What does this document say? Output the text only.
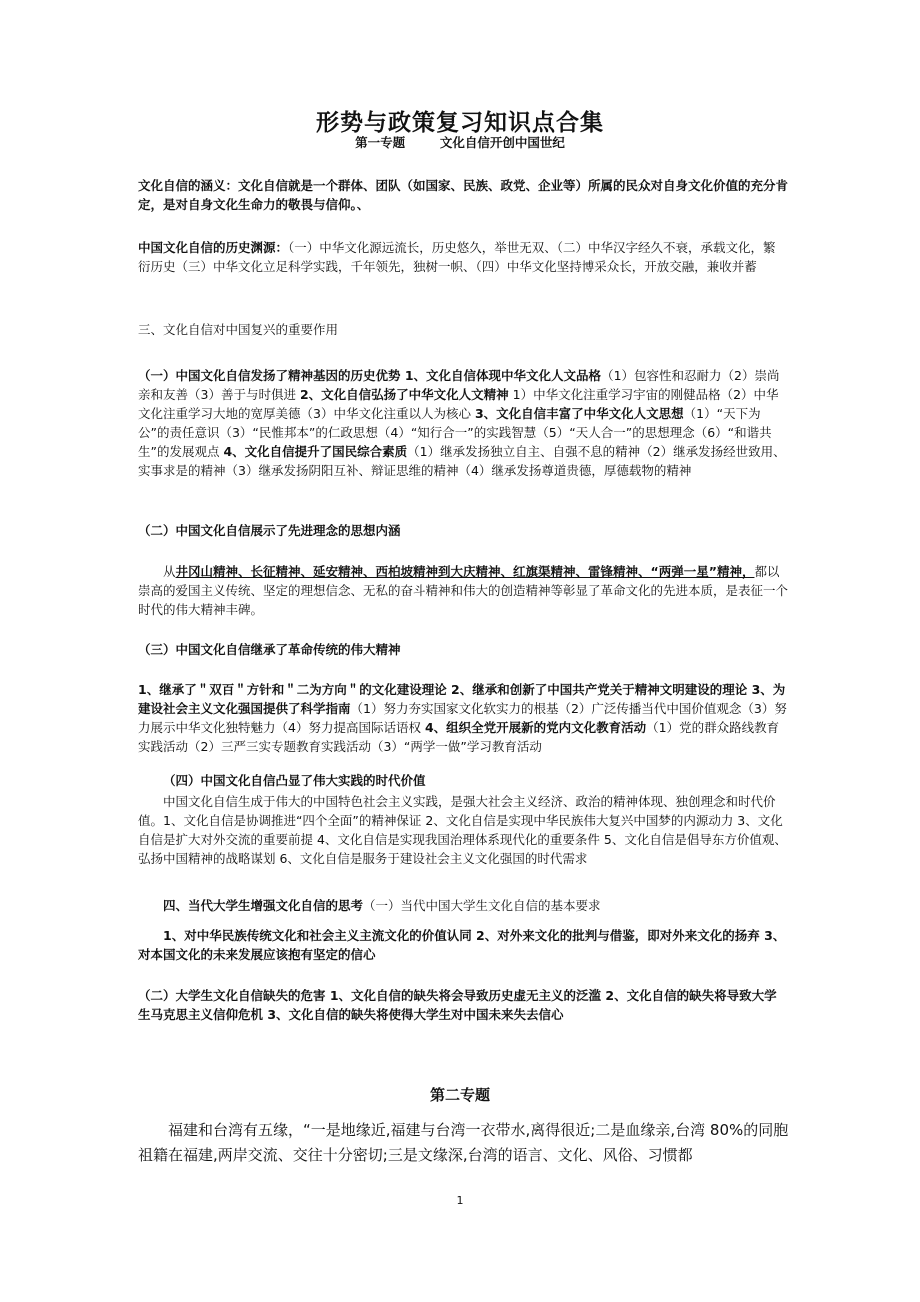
形势与政策复习知识点合集
第一专题        文化自信开创中国世纪
文化自信的涵义：文化自信就是一个群体、团队（如国家、民族、政党、企业等）所属的民众对自身文化价值的充分肯定，是对自身文化生命力的敬畏与信仰。、
中国文化自信的历史渊源：（一）中华文化源远流长，历史悠久，举世无双、（二）中华汉字经久不衰，承载文化，繁衍历史（三）中华文化立足科学实践，千年领先，独树一帜、（四）中华文化坚持博采众长，开放交融，兼收并蓄
三、文化自信对中国复兴的重要作用
（一）中国文化自信发扬了精神基因的历史优势 1、文化自信体现中华文化人文品格（1）包容性和忍耐力（2）崇尚亲和友善（3）善于与时俱进 2、文化自信弘扬了中华文化人文精神 1）中华文化注重学习宇宙的刚健品格（2）中华文化注重学习大地的宽厚美德（3）中华文化注重以人为核心 3、文化自信丰富了中华文化人文思想（1）“天下为公”的责任意识（3）“民惟邦本”的仁政思想（4）“知行合一”的实践智慧（5）“天人合一”的思想理念（6）“和谐共生”的发展观点 4、文化自信提升了国民综合素质（1）继承发扬独立自主、自强不息的精神（2）继承发扬经世致用、实事求是的精神（3）继承发扬阴阳互补、辩证思维的精神（4）继承发扬尊道贵德，厚德载物的精神
（二）中国文化自信展示了先进理念的思想内涵
从井冈山精神、长征精神、延安精神、西柏坡精神到大庆精神、红旗渠精神、雷锋精神、“两弹一星”精神，都以崇高的爱国主义传统、坚定的理想信念、无私的奋斗精神和伟大的创造精神等彰显了革命文化的先进本质，是表征一个时代的伟大精神丰碑。
（三）中国文化自信继承了革命传统的伟大精神
1、继承了＂双百＂方针和＂二为方向＂的文化建设理论 2、继承和创新了中国共产党关于精神文明建设的理论 3、为建设社会主义文化强国提供了科学指南（1）努力夯实国家文化软实力的根基（2）广泛传播当代中国价值观念（3）努力展示中华文化独特魅力（4）努力提高国际话语权 4、组织全党开展新的党内文化教育活动（1）党的群众路线教育实践活动（2）三严三实专题教育实践活动（3）“两学一做”学习教育活动
（四）中国文化自信凸显了伟大实践的时代价值
中国文化自信生成于伟大的中国特色社会主义实践，是强大社会主义经济、政治的精神体现、独创理念和时代价值。1、文化自信是协调推进“四个全面”的精神保证 2、文化自信是实现中华民族伟大复兴中国梦的内源动力 3、文化自信是扩大对外交流的重要前提 4、文化自信是实现我国治理体系现代化的重要条件 5、文化自信是倡导东方价值观、弘扬中国精神的战略谋划 6、文化自信是服务于建设社会主义文化强国的时代需求
四、当代大学生增强文化自信的思考（一）当代中国大学生文化自信的基本要求
1、对中华民族传统文化和社会主义主流文化的价值认同 2、对外来文化的批判与借鉴，即对外来文化的扬弃 3、对本国文化的未来发展应该抱有坚定的信心
（二）大学生文化自信缺失的危害 1、文化自信的缺失将会导致历史虚无主义的泛滥 2、文化自信的缺失将导致大学生马克思主义信仰危机 3、文化自信的缺失将使得大学生对中国未来失去信心
第二专题
福建和台湾有五缘，“一是地缘近,福建与台湾一衣带水,离得很近;二是血缘亲,台湾 80%的同胞祖籍在福建,两岸交流、交往十分密切;三是文缘深,台湾的语言、文化、风俗、习惯都
1
